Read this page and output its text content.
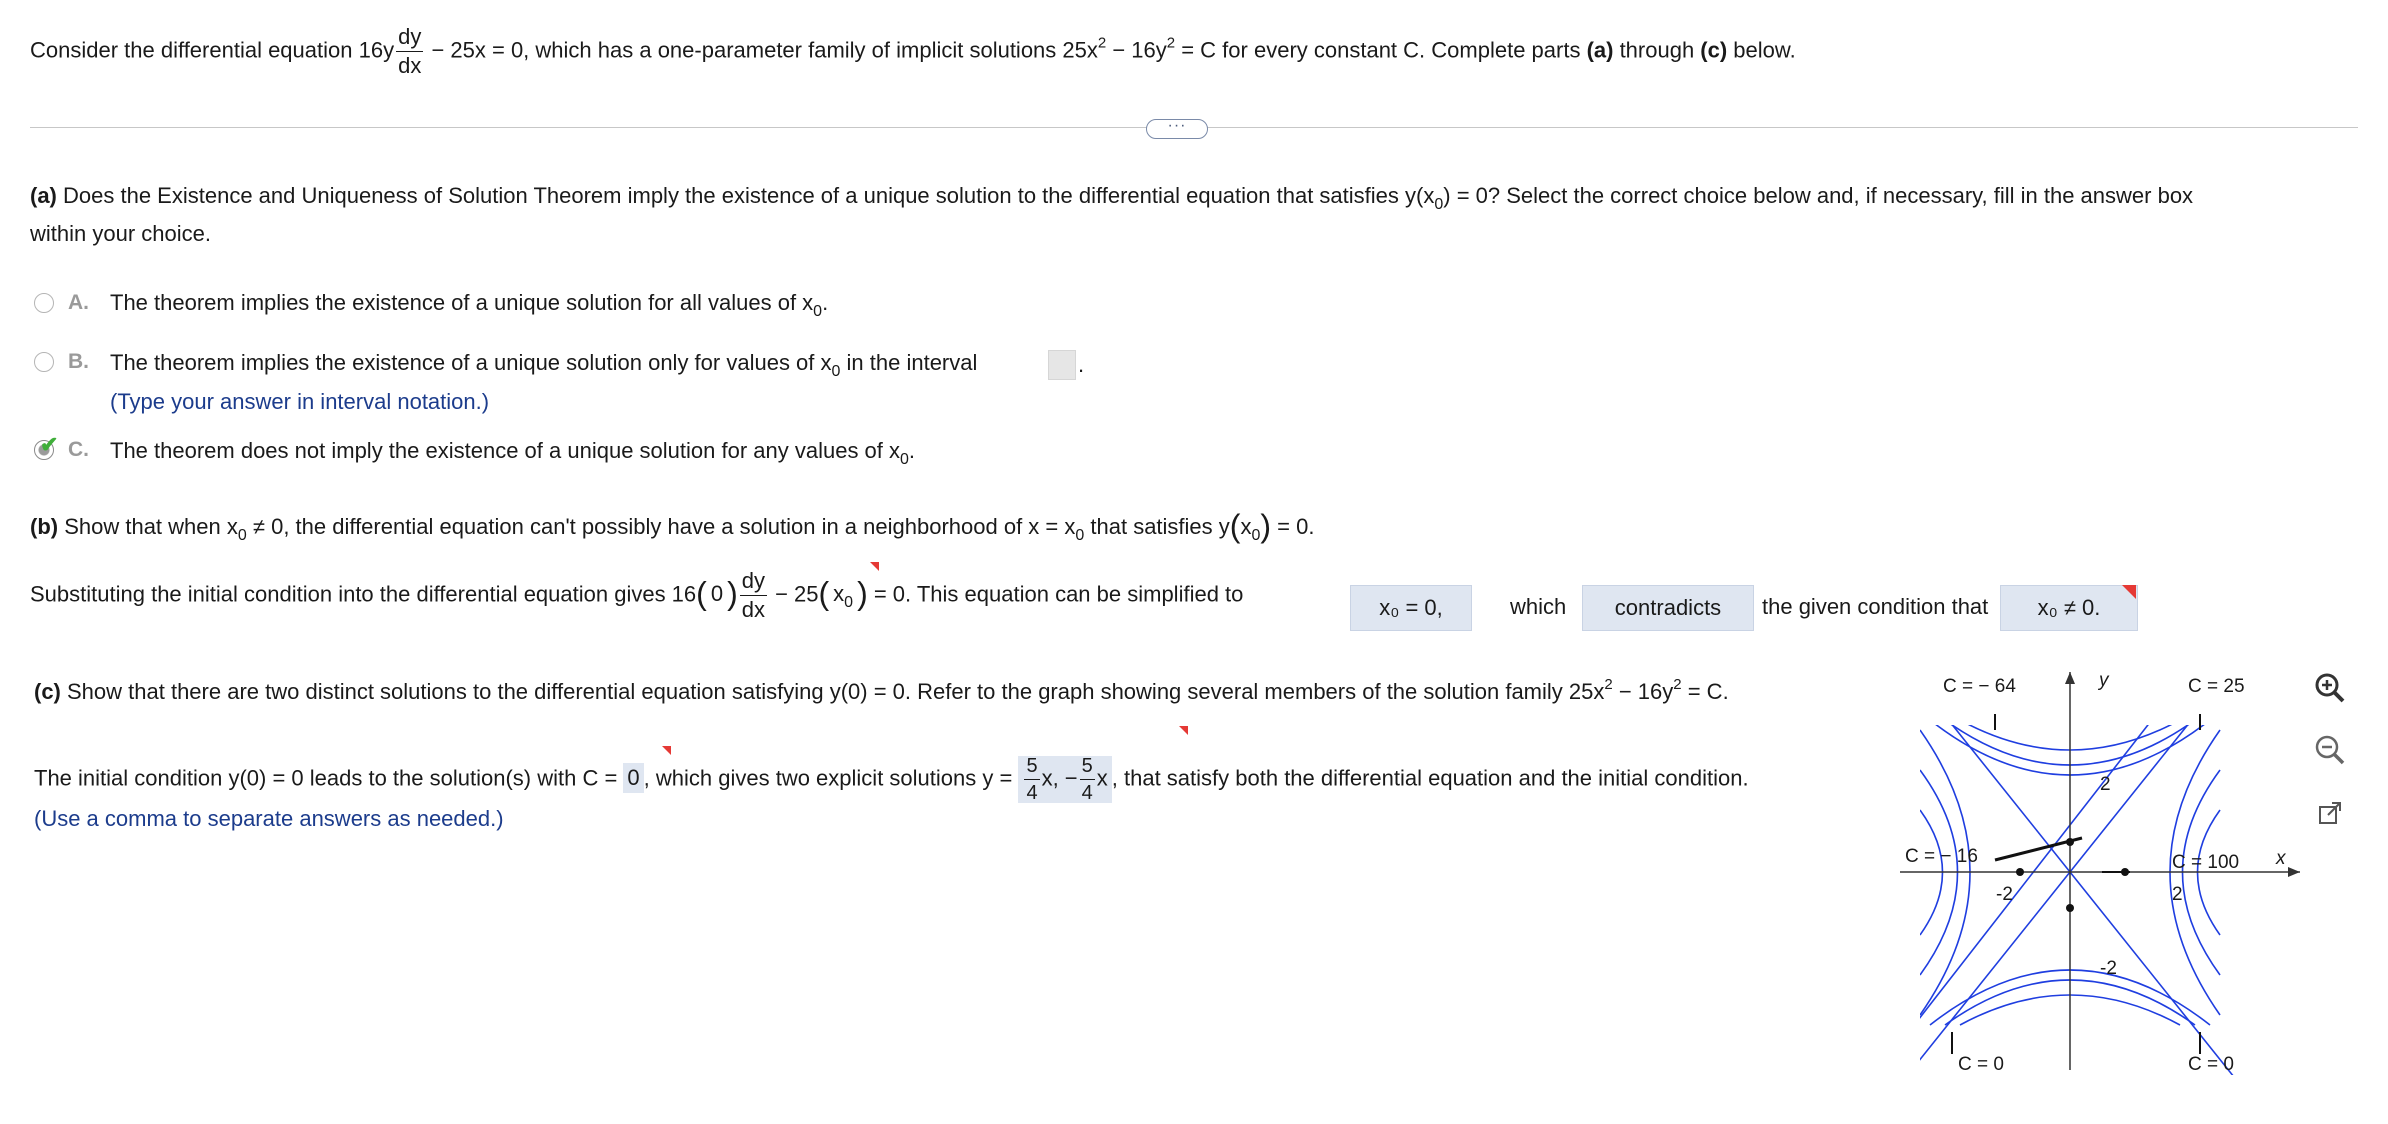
Consider the differential equation $16y \frac{dy}{dx} - 25x = 0$, which has a one-parameter family of implicit solutions $25x^2 - 16y^2 = C$ for every constant C. Complete parts (a) through (c) below.
···
(a) Does the Existence and Uniqueness of Solution Theorem imply the existence of a unique solution to the differential equation that satisfies $y(x_0) = 0$? Select the correct choice below and, if necessary, fill in the answer box
within your choice.
A. The theorem implies the existence of a unique solution for all values of $x_0$.
B. The theorem implies the existence of a unique solution only for values of $x_0$ in the interval	.
(Type your answer in interval notation.)
✔ C. The theorem does not imply the existence of a unique solution for any values of $x_0$.
(b) Show that when $x_0 \ne 0$, the differential equation can't possibly have a solution in a neighborhood of $x = x_0$ that satisfies $y(x_0) = 0$.
Substituting the initial condition into the differential equation gives 16( 0 ) $\frac{dy}{dx} - 25$( $x_0$ ) = 0. This equation can be simplified to
x₀ = 0,	which	contradicts	the given condition that	x₀ ≠ 0.
(c) Show that there are two distinct solutions to the differential equation satisfying y(0) = 0. Refer to the graph showing several members of the solution family $25x^2 - 16y^2 = C$.
The initial condition y(0) = 0 leads to the solution(s) with C = 0 , which gives two explicit solutions $y = \frac{5}{4} x$, − $\frac{5}{4}$ x , that satisfy both the differential equation and the initial condition.
(Use a comma to separate answers as needed.)
C = − 64	C = 25
C = − 16	C = 100
C = 0	C = 0
y
x
2
-2
-2	2
